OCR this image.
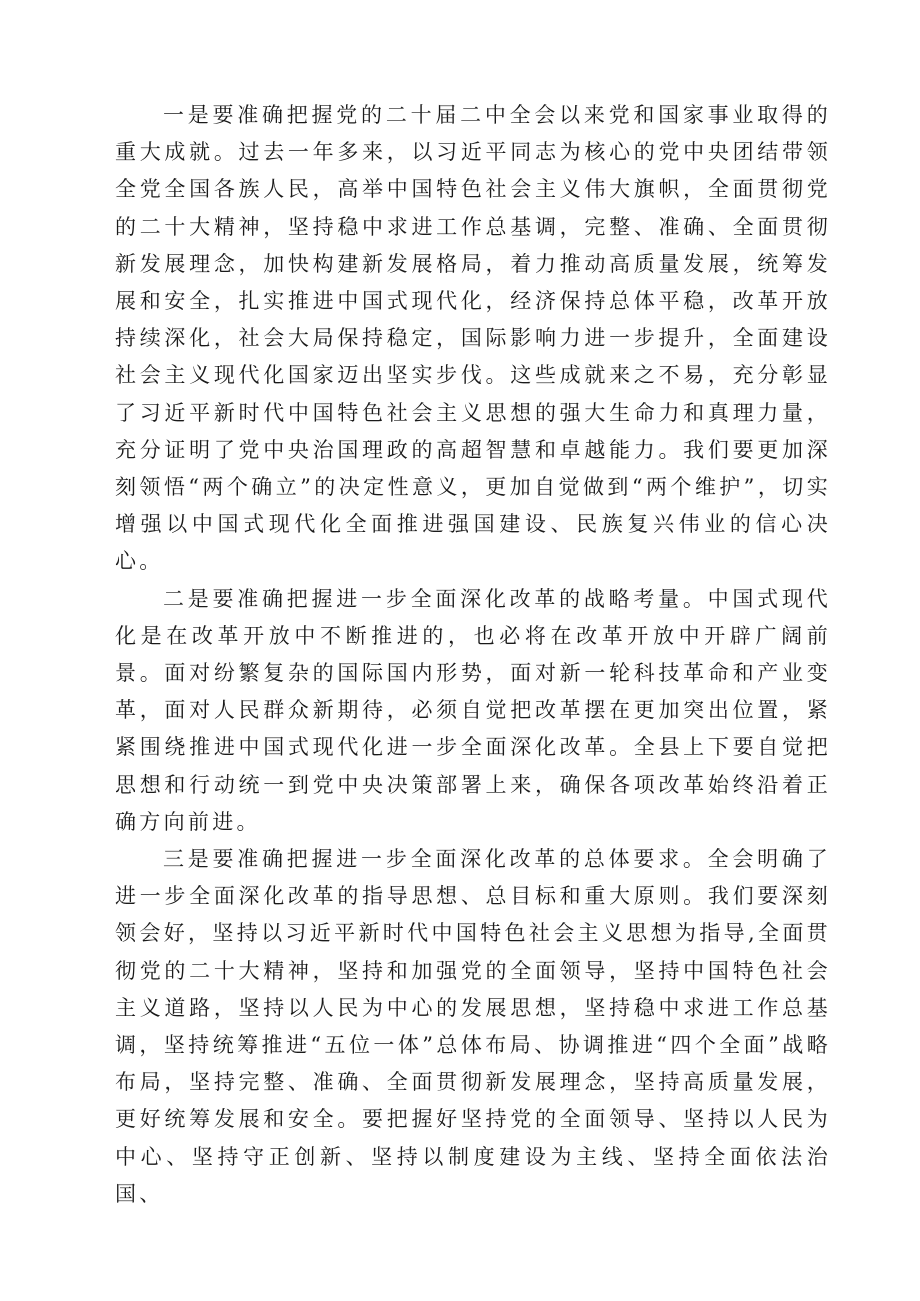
一是要准确把握党的二十届二中全会以来党和国家事业取得的重大成就。过去一年多来，以习近平同志为核心的党中央团结带领全党全国各族人民，高举中国特色社会主义伟大旗帜，全面贯彻党的二十大精神，坚持稳中求进工作总基调，完整、准确、全面贯彻新发展理念，加快构建新发展格局，着力推动高质量发展，统筹发展和安全，扎实推进中国式现代化，经济保持总体平稳，改革开放持续深化，社会大局保持稳定，国际影响力进一步提升，全面建设社会主义现代化国家迈出坚实步伐。这些成就来之不易，充分彰显了习近平新时代中国特色社会主义思想的强大生命力和真理力量，充分证明了党中央治国理政的高超智慧和卓越能力。我们要更加深刻领悟“两个确立”的决定性意义，更加自觉做到“两个维护”，切实增强以中国式现代化全面推进强国建设、民族复兴伟业的信心决心。

二是要准确把握进一步全面深化改革的战略考量。中国式现代化是在改革开放中不断推进的，也必将在改革开放中开辟广阔前景。面对纷繁复杂的国际国内形势，面对新一轮科技革命和产业变革，面对人民群众新期待，必须自觉把改革摆在更加突出位置，紧紧围绕推进中国式现代化进一步全面深化改革。全县上下要自觉把思想和行动统一到党中央决策部署上来，确保各项改革始终沿着正确方向前进。

三是要准确把握进一步全面深化改革的总体要求。全会明确了进一步全面深化改革的指导思想、总目标和重大原则。我们要深刻领会好，坚持以习近平新时代中国特色社会主义思想为指导,全面贯彻党的二十大精神，坚持和加强党的全面领导，坚持中国特色社会主义道路，坚持以人民为中心的发展思想，坚持稳中求进工作总基调，坚持统筹推进“五位一体”总体布局、协调推进“四个全面”战略布局，坚持完整、准确、全面贯彻新发展理念，坚持高质量发展，更好统筹发展和安全。要把握好坚持党的全面领导、坚持以人民为中心、坚持守正创新、坚持以制度建设为主线、坚持全面依法治国、
